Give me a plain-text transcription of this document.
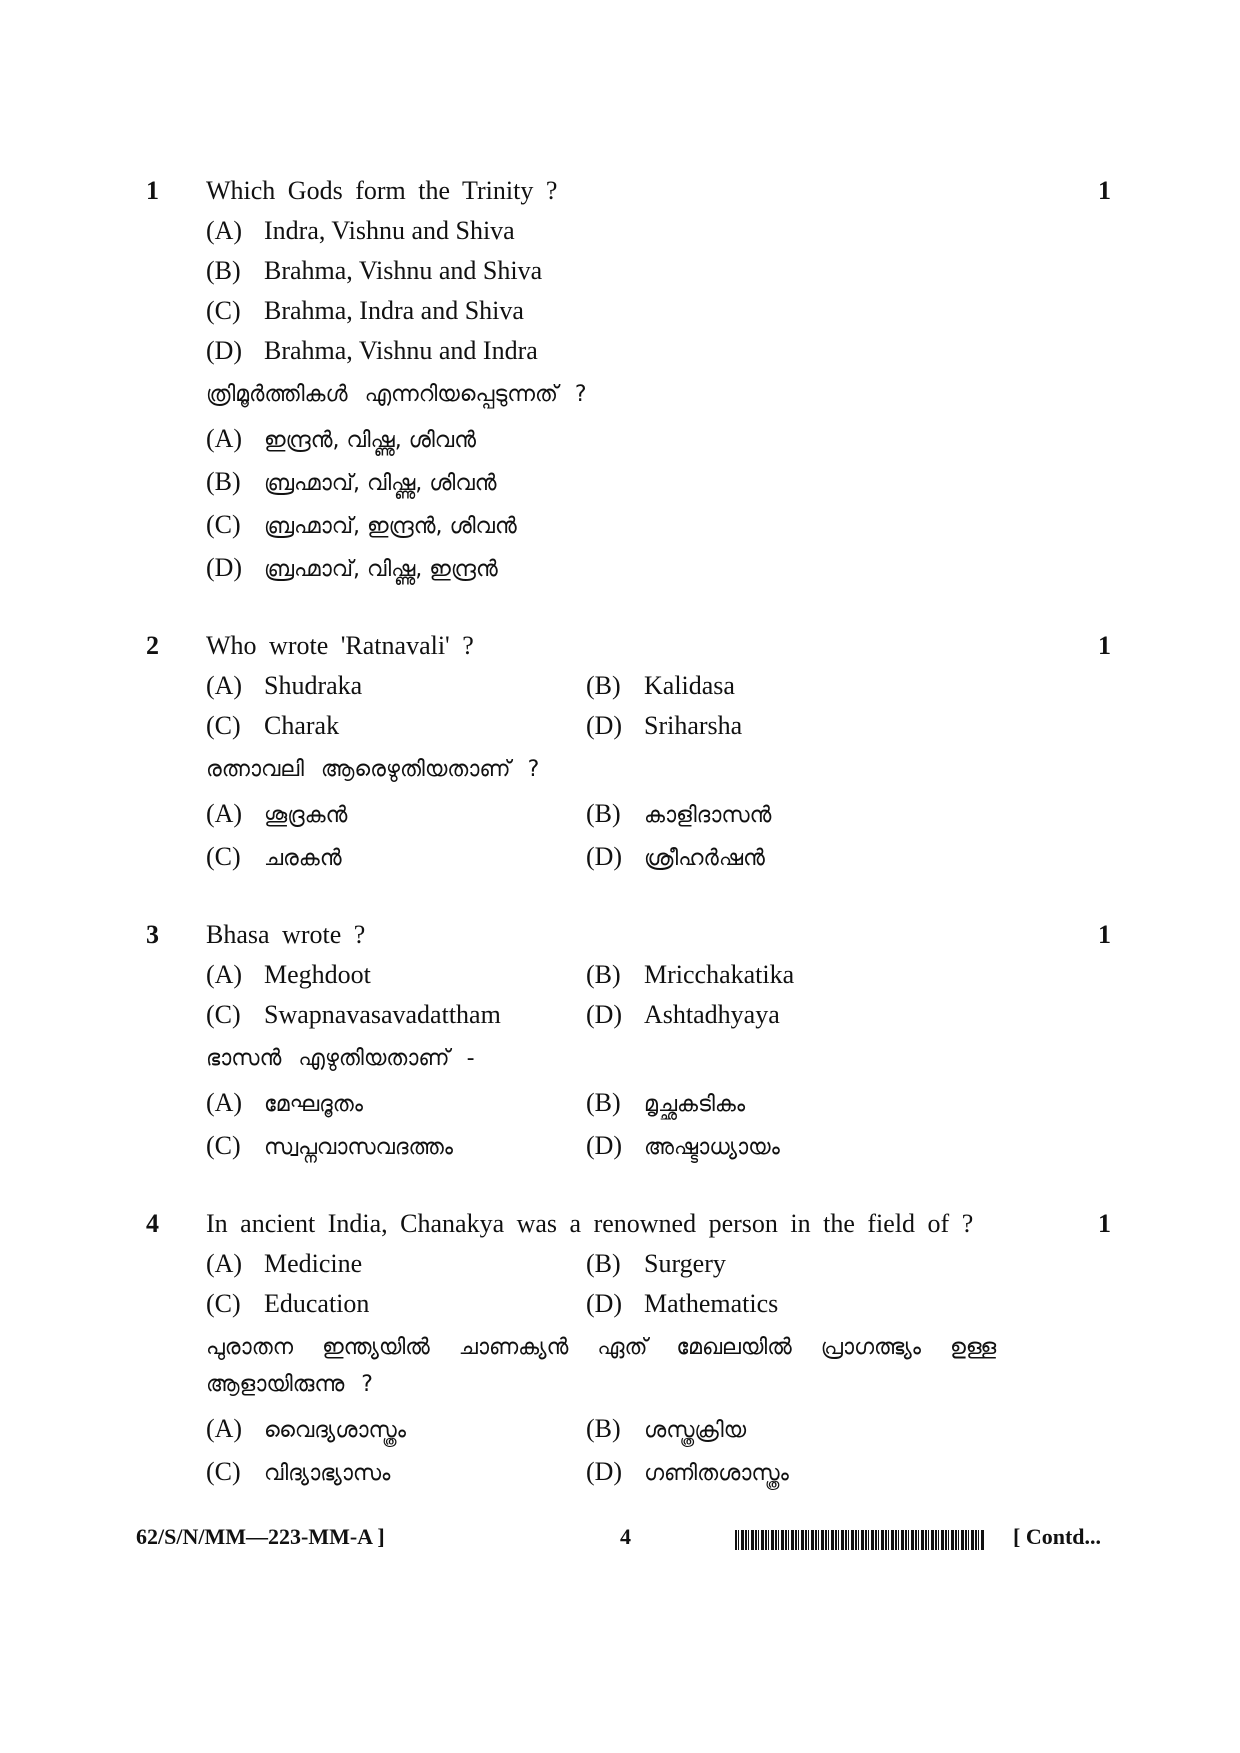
1 Which Gods form the Trinity ?	1
(A) Indra, Vishnu and Shiva
(B) Brahma, Vishnu and Shiva
(C) Brahma, Indra and Shiva
(D) Brahma, Vishnu and Indra
ത്രിമൂർത്തികൾ എന്നറിയപ്പെടുന്നത് ?
(A) ഇന്ദ്രൻ, വിഷ്ണു, ശിവൻ
(B) ബ്രഹ്മാവ്, വിഷ്ണു, ശിവൻ
(C) ബ്രഹ്മാവ്, ഇന്ദ്രൻ, ശിവൻ
(D) ബ്രഹ്മാവ്, വിഷ്ണു, ഇന്ദ്രൻ
2 Who wrote 'Ratnavali' ?	1
(A) Shudraka	(B) Kalidasa
(C) Charak	(D) Sriharsha
രത്നാവലി ആരെഴുതിയതാണ് ?
(A) ശൂദ്രകൻ	(B) കാളിദാസൻ
(C) ചരകൻ	(D) ശ്രീഹർഷൻ
3 Bhasa wrote ?	1
(A) Meghdoot	(B) Mricchakatika
(C) Swapnavasavadattham	(D) Ashtadhyaya
ഭാസൻ എഴുതിയതാണ് -
(A) മേഘദൂതം	(B) മൃച്ഛകടികം
(C) സ്വപ്നവാസവദത്തം	(D) അഷ്ടാധ്യായം
4 In ancient India, Chanakya was a renowned person in the field of ?	1
(A) Medicine	(B) Surgery
(C) Education	(D) Mathematics
പുരാതന ഇന്ത്യയിൽ ചാണക്യൻ ഏത് മേഖലയിൽ പ്രാഗത്ഭ്യം ഉള്ള
ആളായിരുന്നു ?
(A) വൈദ്യശാസ്ത്രം	(B) ശസ്ത്രക്രിയ
(C) വിദ്യാഭ്യാസം	(D) ഗണിതശാസ്ത്രം
62/S/N/MM—223-MM-A ]	4	[ Contd...
